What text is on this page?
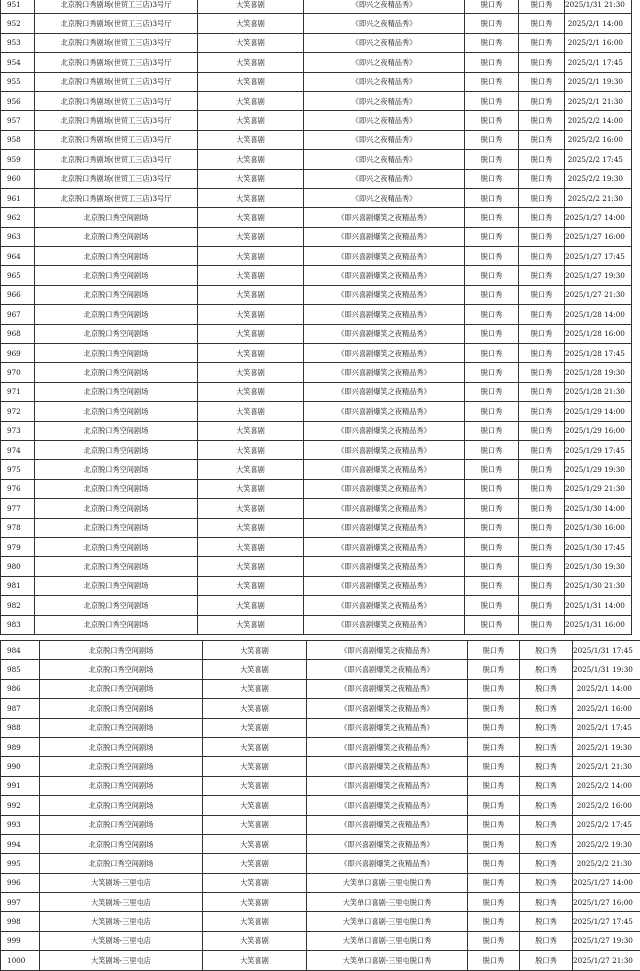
951	北京脱口秀剧场(世贸工三店)3号厅	大笑喜剧	《即兴之夜精品秀》	脱口秀	脱口秀	2025/1/31 21:30
952	北京脱口秀剧场(世贸工三店)3号厅	大笑喜剧	《即兴之夜精品秀》	脱口秀	脱口秀	2025/2/1 14:00
953	北京脱口秀剧场(世贸工三店)3号厅	大笑喜剧	《即兴之夜精品秀》	脱口秀	脱口秀	2025/2/1 16:00
954	北京脱口秀剧场(世贸工三店)3号厅	大笑喜剧	《即兴之夜精品秀》	脱口秀	脱口秀	2025/2/1 17:45
955	北京脱口秀剧场(世贸工三店)3号厅	大笑喜剧	《即兴之夜精品秀》	脱口秀	脱口秀	2025/2/1 19:30
956	北京脱口秀剧场(世贸工三店)3号厅	大笑喜剧	《即兴之夜精品秀》	脱口秀	脱口秀	2025/2/1 21:30
957	北京脱口秀剧场(世贸工三店)3号厅	大笑喜剧	《即兴之夜精品秀》	脱口秀	脱口秀	2025/2/2 14:00
958	北京脱口秀剧场(世贸工三店)3号厅	大笑喜剧	《即兴之夜精品秀》	脱口秀	脱口秀	2025/2/2 16:00
959	北京脱口秀剧场(世贸工三店)3号厅	大笑喜剧	《即兴之夜精品秀》	脱口秀	脱口秀	2025/2/2 17:45
960	北京脱口秀剧场(世贸工三店)3号厅	大笑喜剧	《即兴之夜精品秀》	脱口秀	脱口秀	2025/2/2 19:30
961	北京脱口秀剧场(世贸工三店)3号厅	大笑喜剧	《即兴之夜精品秀》	脱口秀	脱口秀	2025/2/2 21:30
962	北京脱口秀空间剧场	大笑喜剧	《即兴喜剧爆笑之夜精品秀》	脱口秀	脱口秀	2025/1/27 14:00
963	北京脱口秀空间剧场	大笑喜剧	《即兴喜剧爆笑之夜精品秀》	脱口秀	脱口秀	2025/1/27 16:00
964	北京脱口秀空间剧场	大笑喜剧	《即兴喜剧爆笑之夜精品秀》	脱口秀	脱口秀	2025/1/27 17:45
965	北京脱口秀空间剧场	大笑喜剧	《即兴喜剧爆笑之夜精品秀》	脱口秀	脱口秀	2025/1/27 19:30
966	北京脱口秀空间剧场	大笑喜剧	《即兴喜剧爆笑之夜精品秀》	脱口秀	脱口秀	2025/1/27 21:30
967	北京脱口秀空间剧场	大笑喜剧	《即兴喜剧爆笑之夜精品秀》	脱口秀	脱口秀	2025/1/28 14:00
968	北京脱口秀空间剧场	大笑喜剧	《即兴喜剧爆笑之夜精品秀》	脱口秀	脱口秀	2025/1/28 16:00
969	北京脱口秀空间剧场	大笑喜剧	《即兴喜剧爆笑之夜精品秀》	脱口秀	脱口秀	2025/1/28 17:45
970	北京脱口秀空间剧场	大笑喜剧	《即兴喜剧爆笑之夜精品秀》	脱口秀	脱口秀	2025/1/28 19:30
971	北京脱口秀空间剧场	大笑喜剧	《即兴喜剧爆笑之夜精品秀》	脱口秀	脱口秀	2025/1/28 21:30
972	北京脱口秀空间剧场	大笑喜剧	《即兴喜剧爆笑之夜精品秀》	脱口秀	脱口秀	2025/1/29 14:00
973	北京脱口秀空间剧场	大笑喜剧	《即兴喜剧爆笑之夜精品秀》	脱口秀	脱口秀	2025/1/29 16:00
974	北京脱口秀空间剧场	大笑喜剧	《即兴喜剧爆笑之夜精品秀》	脱口秀	脱口秀	2025/1/29 17:45
975	北京脱口秀空间剧场	大笑喜剧	《即兴喜剧爆笑之夜精品秀》	脱口秀	脱口秀	2025/1/29 19:30
976	北京脱口秀空间剧场	大笑喜剧	《即兴喜剧爆笑之夜精品秀》	脱口秀	脱口秀	2025/1/29 21:30
977	北京脱口秀空间剧场	大笑喜剧	《即兴喜剧爆笑之夜精品秀》	脱口秀	脱口秀	2025/1/30 14:00
978	北京脱口秀空间剧场	大笑喜剧	《即兴喜剧爆笑之夜精品秀》	脱口秀	脱口秀	2025/1/30 16:00
979	北京脱口秀空间剧场	大笑喜剧	《即兴喜剧爆笑之夜精品秀》	脱口秀	脱口秀	2025/1/30 17:45
980	北京脱口秀空间剧场	大笑喜剧	《即兴喜剧爆笑之夜精品秀》	脱口秀	脱口秀	2025/1/30 19:30
981	北京脱口秀空间剧场	大笑喜剧	《即兴喜剧爆笑之夜精品秀》	脱口秀	脱口秀	2025/1/30 21:30
982	北京脱口秀空间剧场	大笑喜剧	《即兴喜剧爆笑之夜精品秀》	脱口秀	脱口秀	2025/1/31 14:00
983	北京脱口秀空间剧场	大笑喜剧	《即兴喜剧爆笑之夜精品秀》	脱口秀	脱口秀	2025/1/31 16:00
984	北京脱口秀空间剧场	大笑喜剧	《即兴喜剧爆笑之夜精品秀》	脱口秀	脱口秀	2025/1/31 17:45
985	北京脱口秀空间剧场	大笑喜剧	《即兴喜剧爆笑之夜精品秀》	脱口秀	脱口秀	2025/1/31 19:30
986	北京脱口秀空间剧场	大笑喜剧	《即兴喜剧爆笑之夜精品秀》	脱口秀	脱口秀	2025/2/1 14:00
987	北京脱口秀空间剧场	大笑喜剧	《即兴喜剧爆笑之夜精品秀》	脱口秀	脱口秀	2025/2/1 16:00
988	北京脱口秀空间剧场	大笑喜剧	《即兴喜剧爆笑之夜精品秀》	脱口秀	脱口秀	2025/2/1 17:45
989	北京脱口秀空间剧场	大笑喜剧	《即兴喜剧爆笑之夜精品秀》	脱口秀	脱口秀	2025/2/1 19:30
990	北京脱口秀空间剧场	大笑喜剧	《即兴喜剧爆笑之夜精品秀》	脱口秀	脱口秀	2025/2/1 21:30
991	北京脱口秀空间剧场	大笑喜剧	《即兴喜剧爆笑之夜精品秀》	脱口秀	脱口秀	2025/2/2 14:00
992	北京脱口秀空间剧场	大笑喜剧	《即兴喜剧爆笑之夜精品秀》	脱口秀	脱口秀	2025/2/2 16:00
993	北京脱口秀空间剧场	大笑喜剧	《即兴喜剧爆笑之夜精品秀》	脱口秀	脱口秀	2025/2/2 17:45
994	北京脱口秀空间剧场	大笑喜剧	《即兴喜剧爆笑之夜精品秀》	脱口秀	脱口秀	2025/2/2 19:30
995	北京脱口秀空间剧场	大笑喜剧	《即兴喜剧爆笑之夜精品秀》	脱口秀	脱口秀	2025/2/2 21:30
996	大笑剧场-三里屯店	大笑喜剧	大笑单口喜剧·三里屯脱口秀	脱口秀	脱口秀	2025/1/27 14:00
997	大笑剧场-三里屯店	大笑喜剧	大笑单口喜剧·三里屯脱口秀	脱口秀	脱口秀	2025/1/27 16:00
998	大笑剧场-三里屯店	大笑喜剧	大笑单口喜剧·三里屯脱口秀	脱口秀	脱口秀	2025/1/27 17:45
999	大笑剧场-三里屯店	大笑喜剧	大笑单口喜剧·三里屯脱口秀	脱口秀	脱口秀	2025/1/27 19:30
1000	大笑剧场-三里屯店	大笑喜剧	大笑单口喜剧·三里屯脱口秀	脱口秀	脱口秀	2025/1/27 21:30
